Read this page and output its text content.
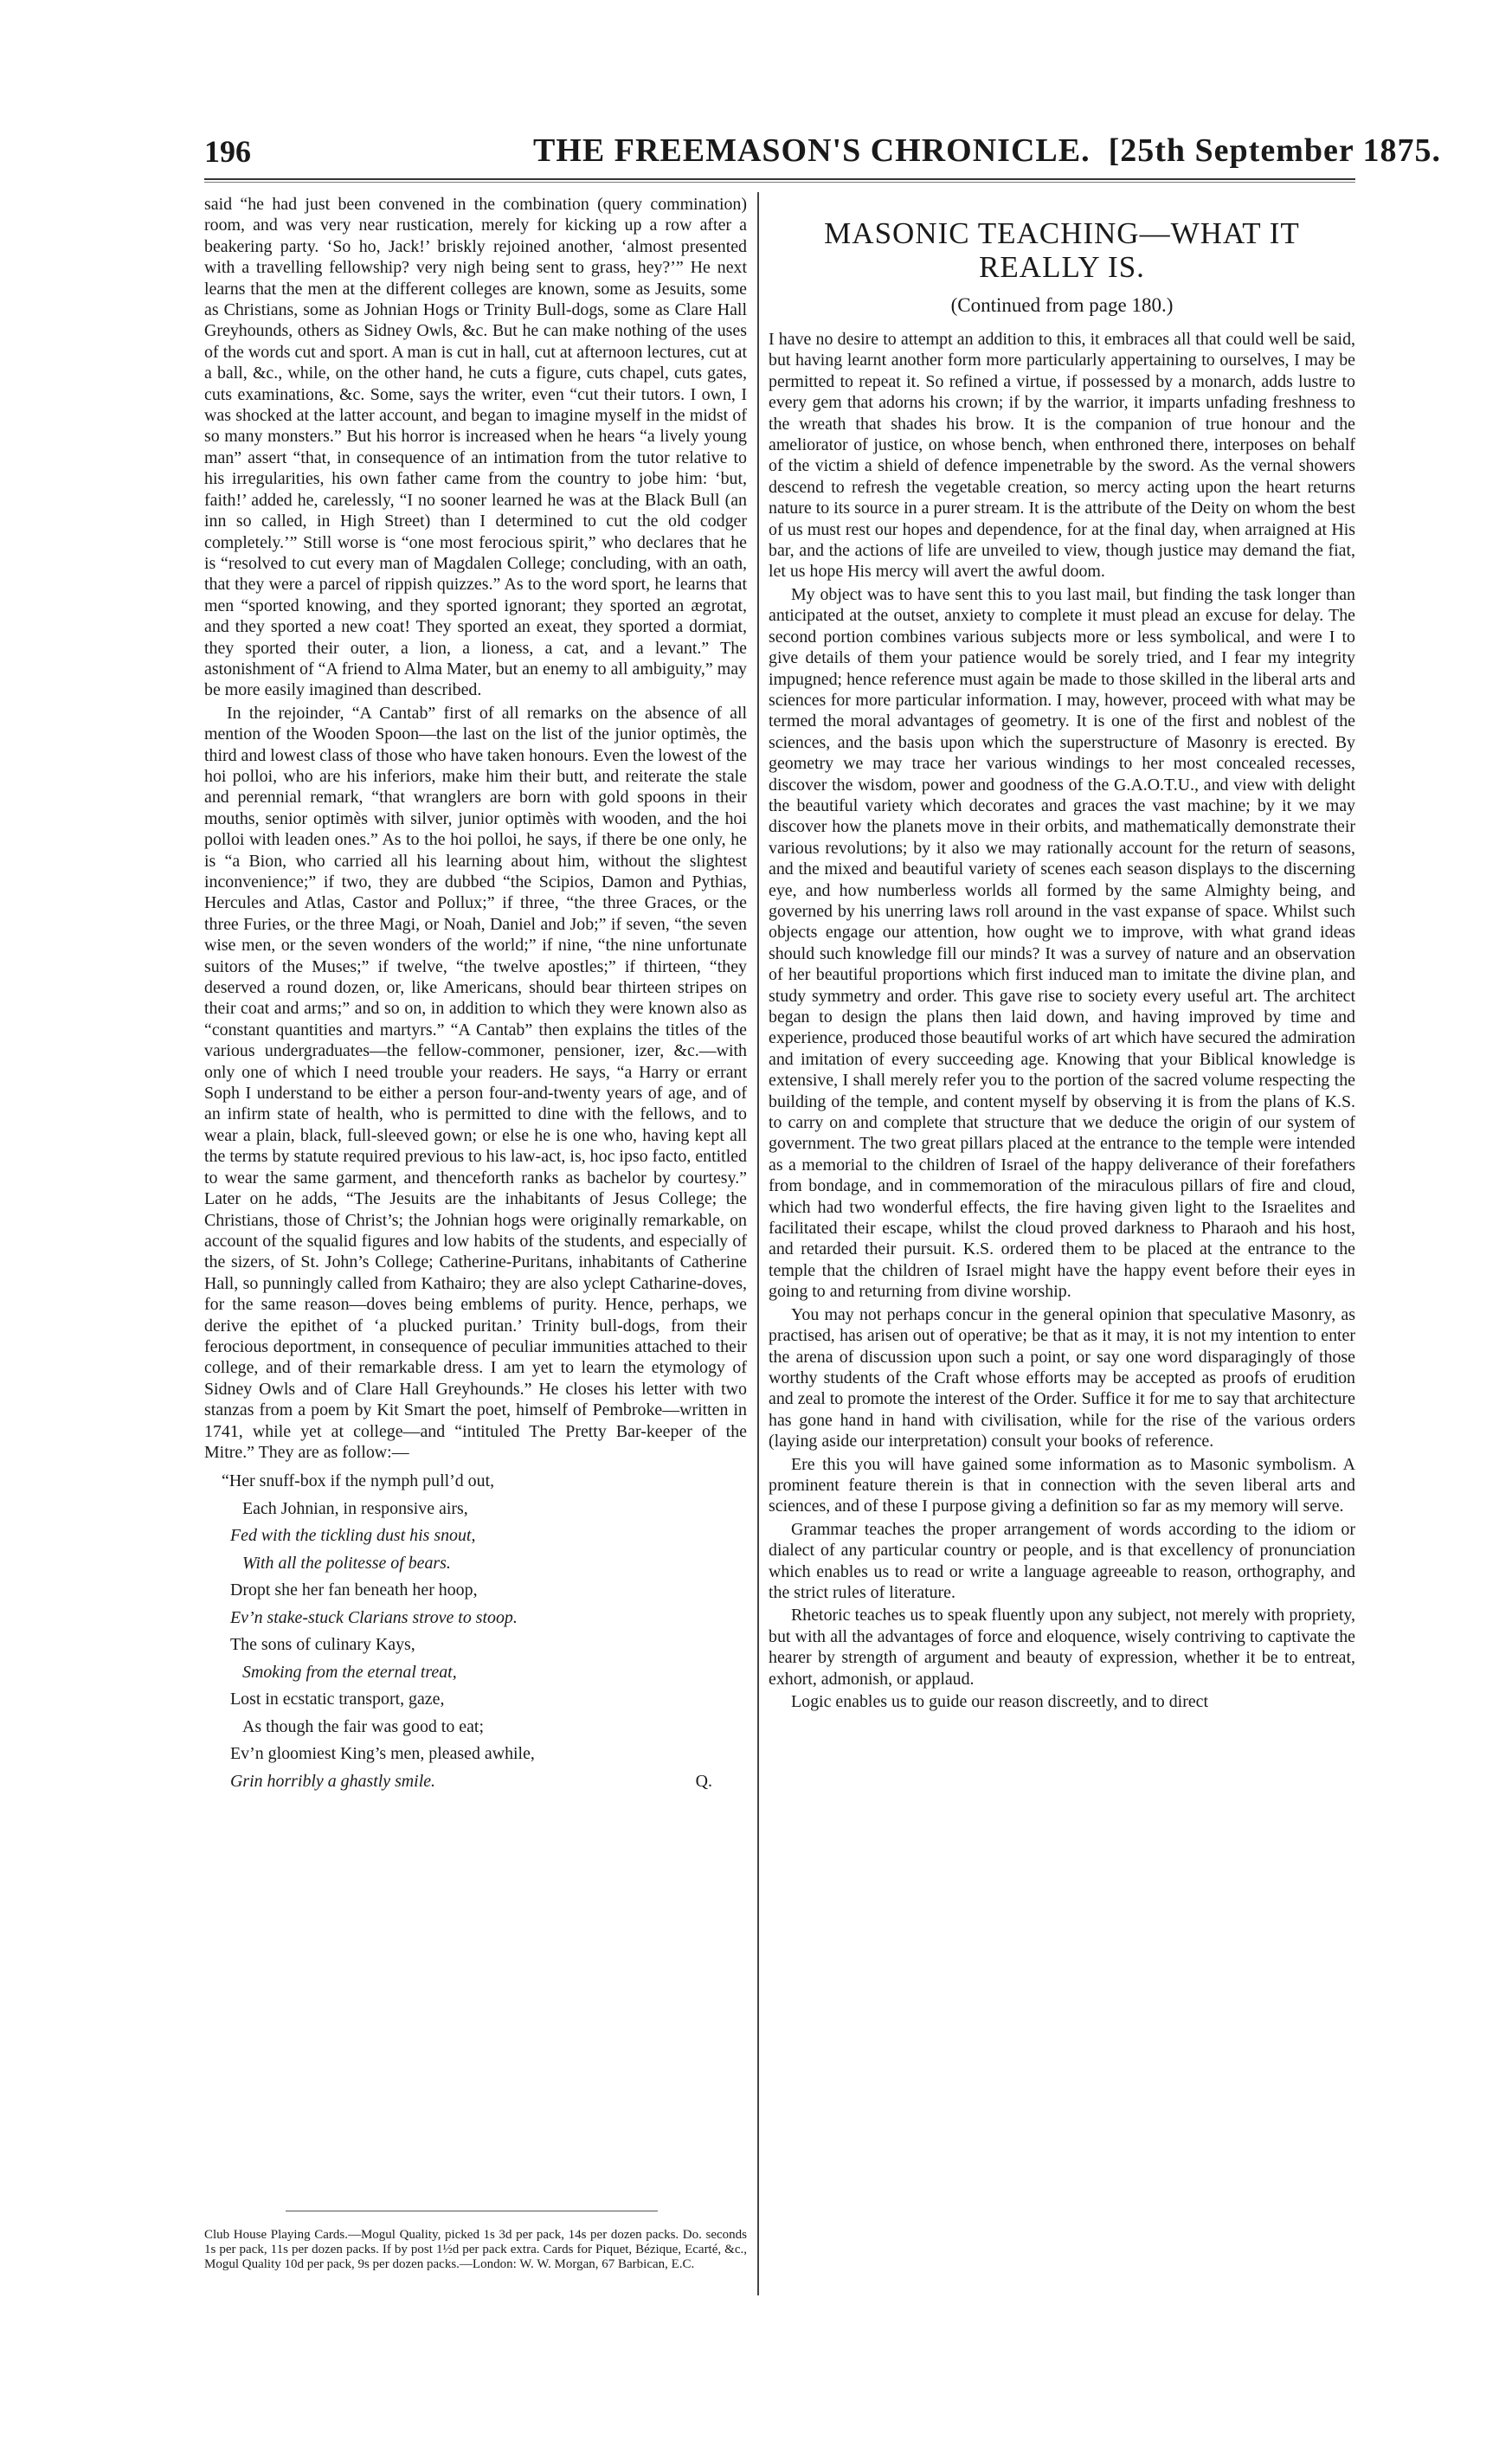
196	THE FREEMASON'S CHRONICLE. [25th September 1875.

said “he had just been convened in the combination (query commination) room, and was very near rustication, merely for kicking up a row after a beakering party. ‘So ho, Jack!’ briskly rejoined another, ‘almost presented with a travelling fellowship? very nigh being sent to grass, hey?’” He next learns that the men at the different colleges are known, some as Jesuits, some as Christians, some as Johnian Hogs or Trinity Bull-dogs, some as Clare Hall Greyhounds, others as Sidney Owls, &c. But he can make nothing of the uses of the words cut and sport. A man is cut in hall, cut at afternoon lectures, cut at a ball, &c., while, on the other hand, he cuts a figure, cuts chapel, cuts gates, cuts examinations, &c. Some, says the writer, even “cut their tutors. I own, I was shocked at the latter account, and began to imagine myself in the midst of so many monsters.” But his horror is increased when he hears “a lively young man” assert “that, in consequence of an intimation from the tutor relative to his irregularities, his own father came from the country to jobe him: ‘but, faith!’ added he, carelessly, “I no sooner learned he was at the Black Bull (an inn so called, in High Street) than I determined to cut the old codger completely.’” Still worse is “one most ferocious spirit,” who declares that he is “resolved to cut every man of Magdalen College; concluding, with an oath, that they were a parcel of rippish quizzes.” As to the word sport, he learns that men “sported knowing, and they sported ignorant; they sported an ægrotat, and they sported a new coat! They sported an exeat, they sported a dormiat, they sported their outer, a lion, a lioness, a cat, and a levant.” The astonishment of “A friend to Alma Mater, but an enemy to all ambiguity,” may be more easily imagined than described.

In the rejoinder, “A Cantab” first of all remarks on the absence of all mention of the Wooden Spoon—the last on the list of the junior optimès, the third and lowest class of those who have taken honours. Even the lowest of the hoi polloi, who are his inferiors, make him their butt, and reiterate the stale and perennial remark, “that wranglers are born with gold spoons in their mouths, senior optimès with silver, junior optimès with wooden, and the hoi polloi with leaden ones.” As to the hoi polloi, he says, if there be one only, he is “a Bion, who carried all his learning about him, without the slightest inconvenience;” if two, they are dubbed “the Scipios, Damon and Pythias, Hercules and Atlas, Castor and Pollux;” if three, “the three Graces, or the three Furies, or the three Magi, or Noah, Daniel and Job;” if seven, “the seven wise men, or the seven wonders of the world;” if nine, “the nine unfortunate suitors of the Muses;” if twelve, “the twelve apostles;” if thirteen, “they deserved a round dozen, or, like Americans, should bear thirteen stripes on their coat and arms;” and so on, in addition to which they were known also as “constant quantities and martyrs.” “A Cantab” then explains the titles of the various undergraduates—the fellow-commoner, pensioner, izer, &c.—with only one of which I need trouble your readers. He says, “a Harry or errant Soph I understand to be either a person four-and-twenty years of age, and of an infirm state of health, who is permitted to dine with the fellows, and to wear a plain, black, full-sleeved gown; or else he is one who, having kept all the terms by statute required previous to his law-act, is, hoc ipso facto, entitled to wear the same garment, and thenceforth ranks as bachelor by courtesy.” Later on he adds, “The Jesuits are the inhabitants of Jesus College; the Christians, those of Christ’s; the Johnian hogs were originally remarkable, on account of the squalid figures and low habits of the students, and especially of the sizers, of St. John’s College; Catherine-Puritans, inhabitants of Catherine Hall, so punningly called from Kathairo; they are also yclept Catharine-doves, for the same reason—doves being emblems of purity. Hence, perhaps, we derive the epithet of ‘a plucked puritan.’ Trinity bull-dogs, from their ferocious deportment, in consequence of peculiar immunities attached to their college, and of their remarkable dress. I am yet to learn the etymology of Sidney Owls and of Clare Hall Greyhounds.” He closes his letter with two stanzas from a poem by Kit Smart the poet, himself of Pembroke—written in 1741, while yet at college—and “intituled The Pretty Bar-keeper of the Mitre.” They are as follow:—

“Her snuff-box if the nymph pull’d out,
Each Johnian, in responsive airs,
Fed with the tickling dust his snout,
With all the politesse of bears.
Dropt she her fan beneath her hoop,
Ev’n stake-stuck Clarians strove to stoop.
The sons of culinary Kays,
Smoking from the eternal treat,
Lost in ecstatic transport, gaze,
As though the fair was good to eat;
Ev’n gloomiest King’s men, pleased awhile,
Grin horribly a ghastly smile.	Q.
Club House Playing Cards.—Mogul Quality, picked 1s 3d per pack, 14s per dozen packs. Do. seconds 1s per pack, 11s per dozen packs. If by post 1½d per pack extra. Cards for Piquet, Bézique, Ecarté, &c., Mogul Quality 10d per pack, 9s per dozen packs.—London: W. W. Morgan, 67 Barbican, E.C.
MASONIC TEACHING—WHAT IT REALLY IS.
(Continued from page 180.)

I have no desire to attempt an addition to this, it embraces all that could well be said, but having learnt another form more particularly appertaining to ourselves, I may be permitted to repeat it. So refined a virtue, if possessed by a monarch, adds lustre to every gem that adorns his crown; if by the warrior, it imparts unfading freshness to the wreath that shades his brow. It is the companion of true honour and the ameliorator of justice, on whose bench, when enthroned there, interposes on behalf of the victim a shield of defence impenetrable by the sword. As the vernal showers descend to refresh the vegetable creation, so mercy acting upon the heart returns nature to its source in a purer stream. It is the attribute of the Deity on whom the best of us must rest our hopes and dependence, for at the final day, when arraigned at His bar, and the actions of life are unveiled to view, though justice may demand the fiat, let us hope His mercy will avert the awful doom.

My object was to have sent this to you last mail, but finding the task longer than anticipated at the outset, anxiety to complete it must plead an excuse for delay. The second portion combines various subjects more or less symbolical, and were I to give details of them your patience would be sorely tried, and I fear my integrity impugned; hence reference must again be made to those skilled in the liberal arts and sciences for more particular information. I may, however, proceed with what may be termed the moral advantages of geometry. It is one of the first and noblest of the sciences, and the basis upon which the superstructure of Masonry is erected. By geometry we may trace her various windings to her most concealed recesses, discover the wisdom, power and goodness of the G.A.O.T.U., and view with delight the beautiful variety which decorates and graces the vast machine; by it we may discover how the planets move in their orbits, and mathematically demonstrate their various revolutions; by it also we may rationally account for the return of seasons, and the mixed and beautiful variety of scenes each season displays to the discerning eye, and how numberless worlds all formed by the same Almighty being, and governed by his unerring laws roll around in the vast expanse of space. Whilst such objects engage our attention, how ought we to improve, with what grand ideas should such knowledge fill our minds? It was a survey of nature and an observation of her beautiful proportions which first induced man to imitate the divine plan, and study symmetry and order. This gave rise to society every useful art. The architect began to design the plans then laid down, and having improved by time and experience, produced those beautiful works of art which have secured the admiration and imitation of every succeeding age. Knowing that your Biblical knowledge is extensive, I shall merely refer you to the portion of the sacred volume respecting the building of the temple, and content myself by observing it is from the plans of K.S. to carry on and complete that structure that we deduce the origin of our system of government. The two great pillars placed at the entrance to the temple were intended as a memorial to the children of Israel of the happy deliverance of their forefathers from bondage, and in commemoration of the miraculous pillars of fire and cloud, which had two wonderful effects, the fire having given light to the Israelites and facilitated their escape, whilst the cloud proved darkness to Pharaoh and his host, and retarded their pursuit. K.S. ordered them to be placed at the entrance to the temple that the children of Israel might have the happy event before their eyes in going to and returning from divine worship.

You may not perhaps concur in the general opinion that speculative Masonry, as practised, has arisen out of operative; be that as it may, it is not my intention to enter the arena of discussion upon such a point, or say one word disparagingly of those worthy students of the Craft whose efforts may be accepted as proofs of erudition and zeal to promote the interest of the Order. Suffice it for me to say that architecture has gone hand in hand with civilisation, while for the rise of the various orders (laying aside our interpretation) consult your books of reference.

Ere this you will have gained some information as to Masonic symbolism. A prominent feature therein is that in connection with the seven liberal arts and sciences, and of these I purpose giving a definition so far as my memory will serve.

Grammar teaches the proper arrangement of words according to the idiom or dialect of any particular country or people, and is that excellency of pronunciation which enables us to read or write a language agreeable to reason, orthography, and the strict rules of literature.

Rhetoric teaches us to speak fluently upon any subject, not merely with propriety, but with all the advantages of force and eloquence, wisely contriving to captivate the hearer by strength of argument and beauty of expression, whether it be to entreat, exhort, admonish, or applaud.

Logic enables us to guide our reason discreetly, and to direct
